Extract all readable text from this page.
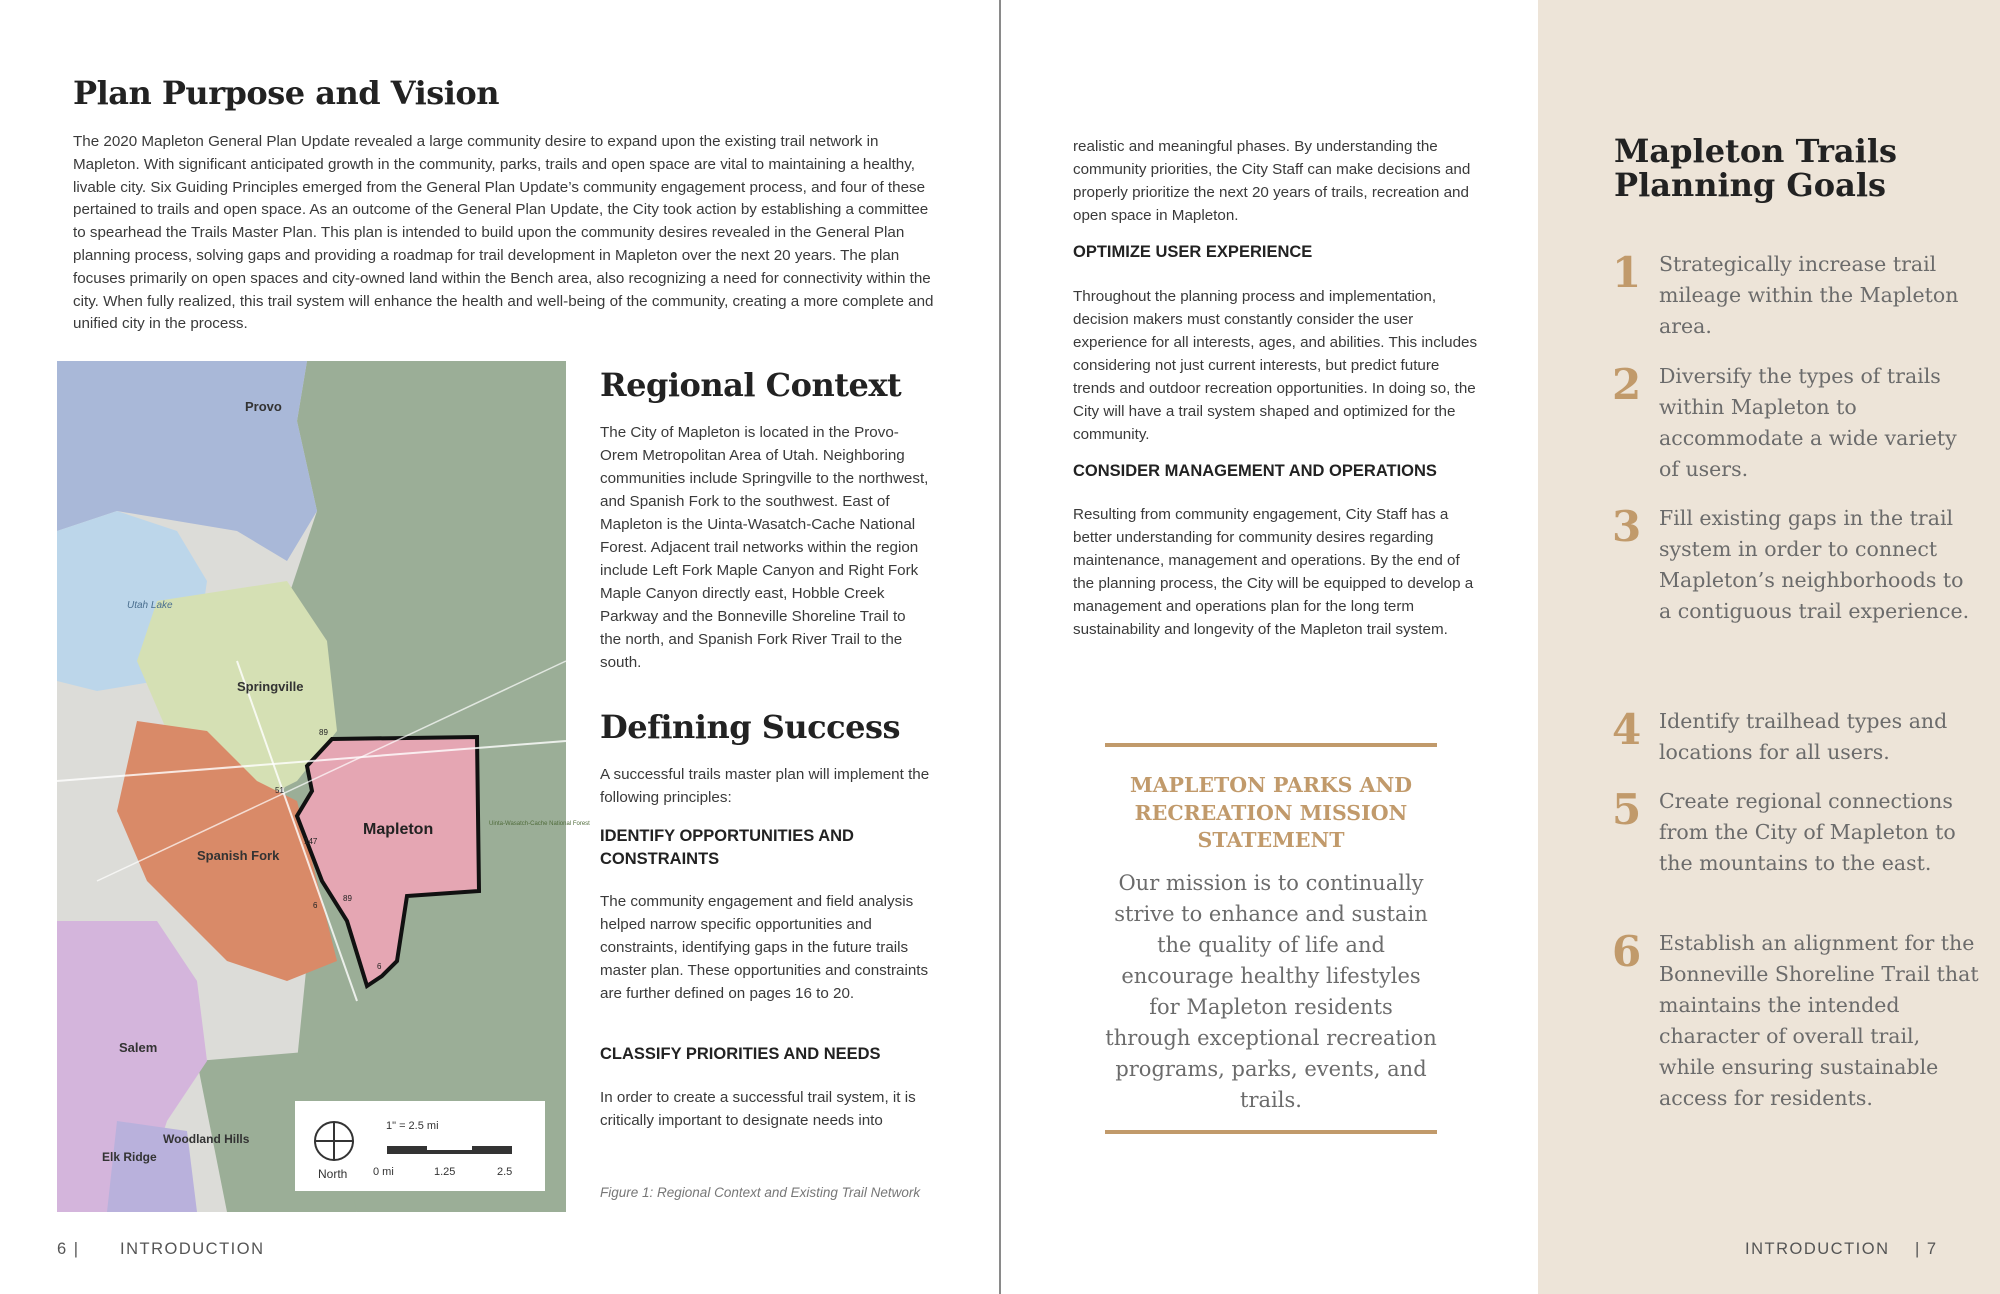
Plan Purpose and Vision

The 2020 Mapleton General Plan Update revealed a large community desire to expand upon the existing trail network in Mapleton. With significant anticipated growth in the community, parks, trails and open space are vital to maintaining a healthy, livable city. Six Guiding Principles emerged from the General Plan Update’s community engagement process, and four of these pertained to trails and open space. As an outcome of the General Plan Update, the City took action by establishing a committee to spearhead the Trails Master Plan. This plan is intended to build upon the community desires revealed in the General Plan planning process, solving gaps and providing a roadmap for trail development in Mapleton over the next 20 years. The plan focuses primarily on open spaces and city-owned land within the Bench area, also recognizing a need for connectivity within the city. When fully realized, this trail system will enhance the health and well-being of the community, creating a more complete and unified city in the process.

Provo
Utah Lake
Springville
Mapleton
Spanish Fork
Salem
Woodland Hills
Elk Ridge
Uinta-Wasatch-Cache National Forest
89
51
147
6
89
6
1" = 2.5 mi
0 mi	1.25	2.5
North
Regional Context

The City of Mapleton is located in the Provo-Orem Metropolitan Area of Utah. Neighboring communities include Springville to the northwest, and Spanish Fork to the southwest. East of Mapleton is the Uinta-Wasatch-Cache National Forest. Adjacent trail networks within the region include Left Fork Maple Canyon and Right Fork Maple Canyon directly east, Hobble Creek Parkway and the Bonneville Shoreline Trail to the north, and Spanish Fork River Trail to the south.

Defining Success

A successful trails master plan will implement the following principles:

IDENTIFY OPPORTUNITIES AND CONSTRAINTS

The community engagement and field analysis helped narrow specific opportunities and constraints, identifying gaps in the future trails master plan. These opportunities and constraints are further defined on pages 16 to 20.

CLASSIFY PRIORITIES AND NEEDS

In order to create a successful trail system, it is critically important to designate needs into

Figure 1: Regional Context and Existing Trail Network

6 | INTRODUCTION

realistic and meaningful phases. By understanding the community priorities, the City Staff can make decisions and properly prioritize the next 20 years of trails, recreation and open space in Mapleton.

OPTIMIZE USER EXPERIENCE

Throughout the planning process and implementation, decision makers must constantly consider the user experience for all interests, ages, and abilities. This includes considering not just current interests, but predict future trends and outdoor recreation opportunities. In doing so, the City will have a trail system shaped and optimized for the community.

CONSIDER MANAGEMENT AND OPERATIONS

Resulting from community engagement, City Staff has a better understanding for community desires regarding maintenance, management and operations. By the end of the planning process, the City will be equipped to develop a management and operations plan for the long term sustainability and longevity of the Mapleton trail system.

MAPLETON PARKS AND RECREATION MISSION STATEMENT

Our mission is to continually strive to enhance and sustain the quality of life and encourage healthy lifestyles for Mapleton residents through exceptional recreation programs, parks, events, and trails.

Mapleton Trails Planning Goals
1 Strategically increase trail mileage within the Mapleton area.

2 Diversify the types of trails within Mapleton to accommodate a wide variety of users.

3 Fill existing gaps in the trail system in order to connect Mapleton’s neighborhoods to a contiguous trail experience.

4 Identify trailhead types and locations for all users.

5 Create regional connections from the City of Mapleton to the mountains to the east.

6 Establish an alignment for the Bonneville Shoreline Trail that maintains the intended character of overall trail, while ensuring sustainable access for residents.

INTRODUCTION | 7
